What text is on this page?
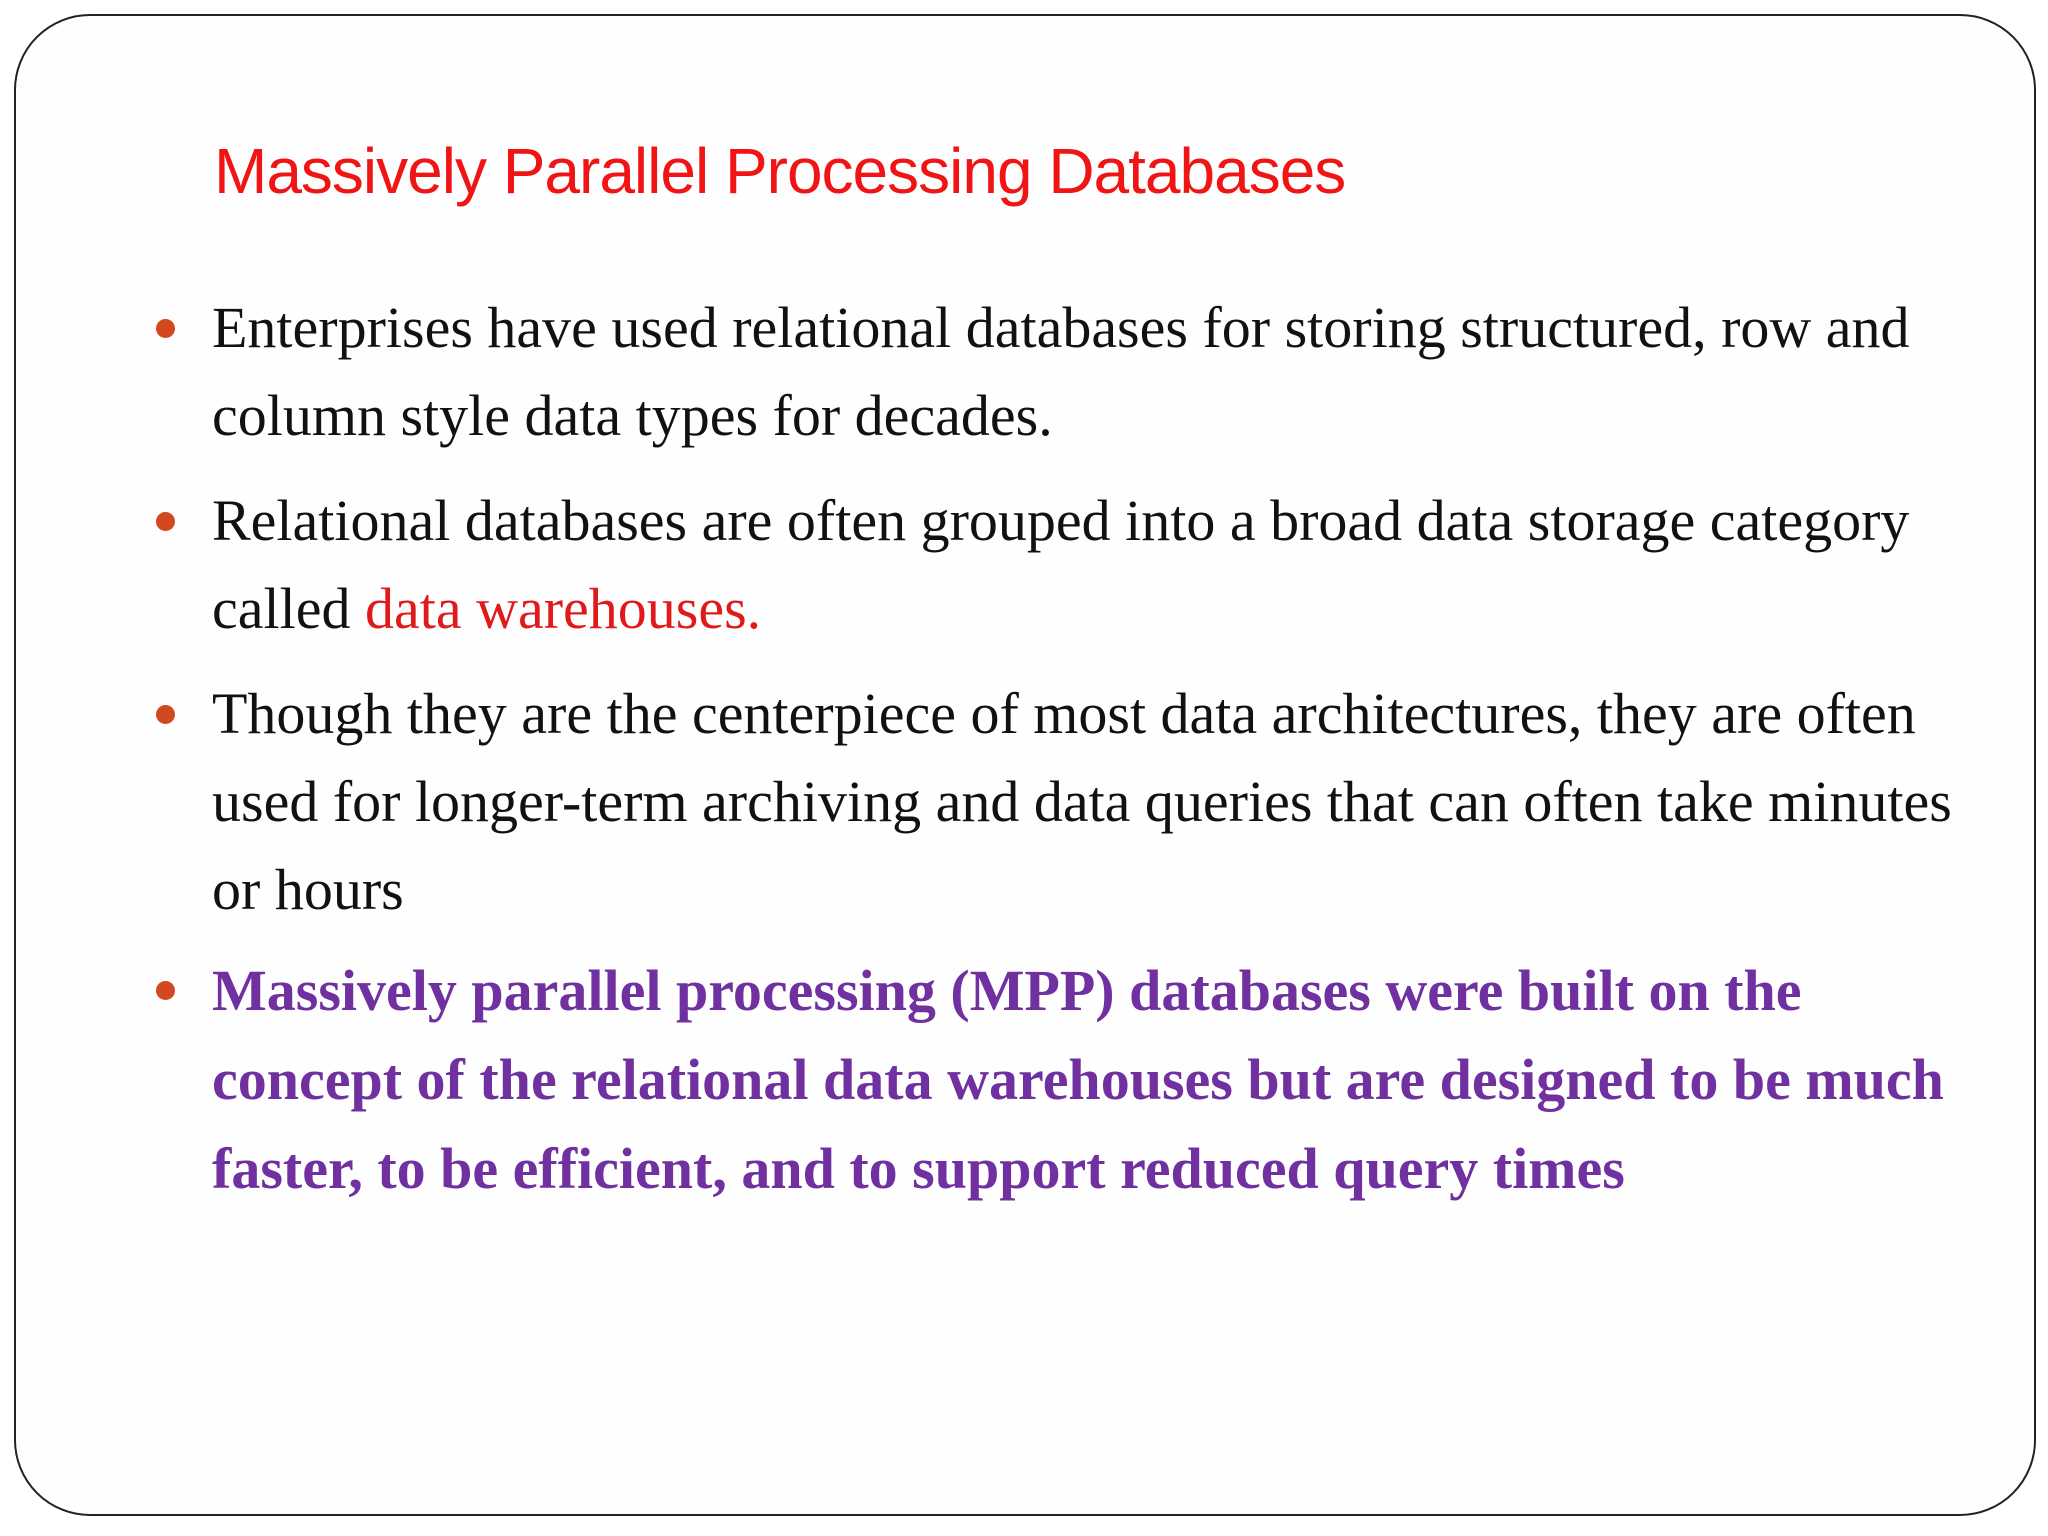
Massively Parallel Processing Databases
Enterprises have used relational databases for storing structured, row and column style data types for decades.
Relational databases are often grouped into a broad data storage category called data warehouses.
Though they are the centerpiece of most data architectures, they are often used for longer-term archiving and data queries that can often take minutes or hours
Massively parallel processing (MPP) databases were built on the concept of the relational data warehouses but are designed to be much faster, to be efficient, and to support reduced query times
